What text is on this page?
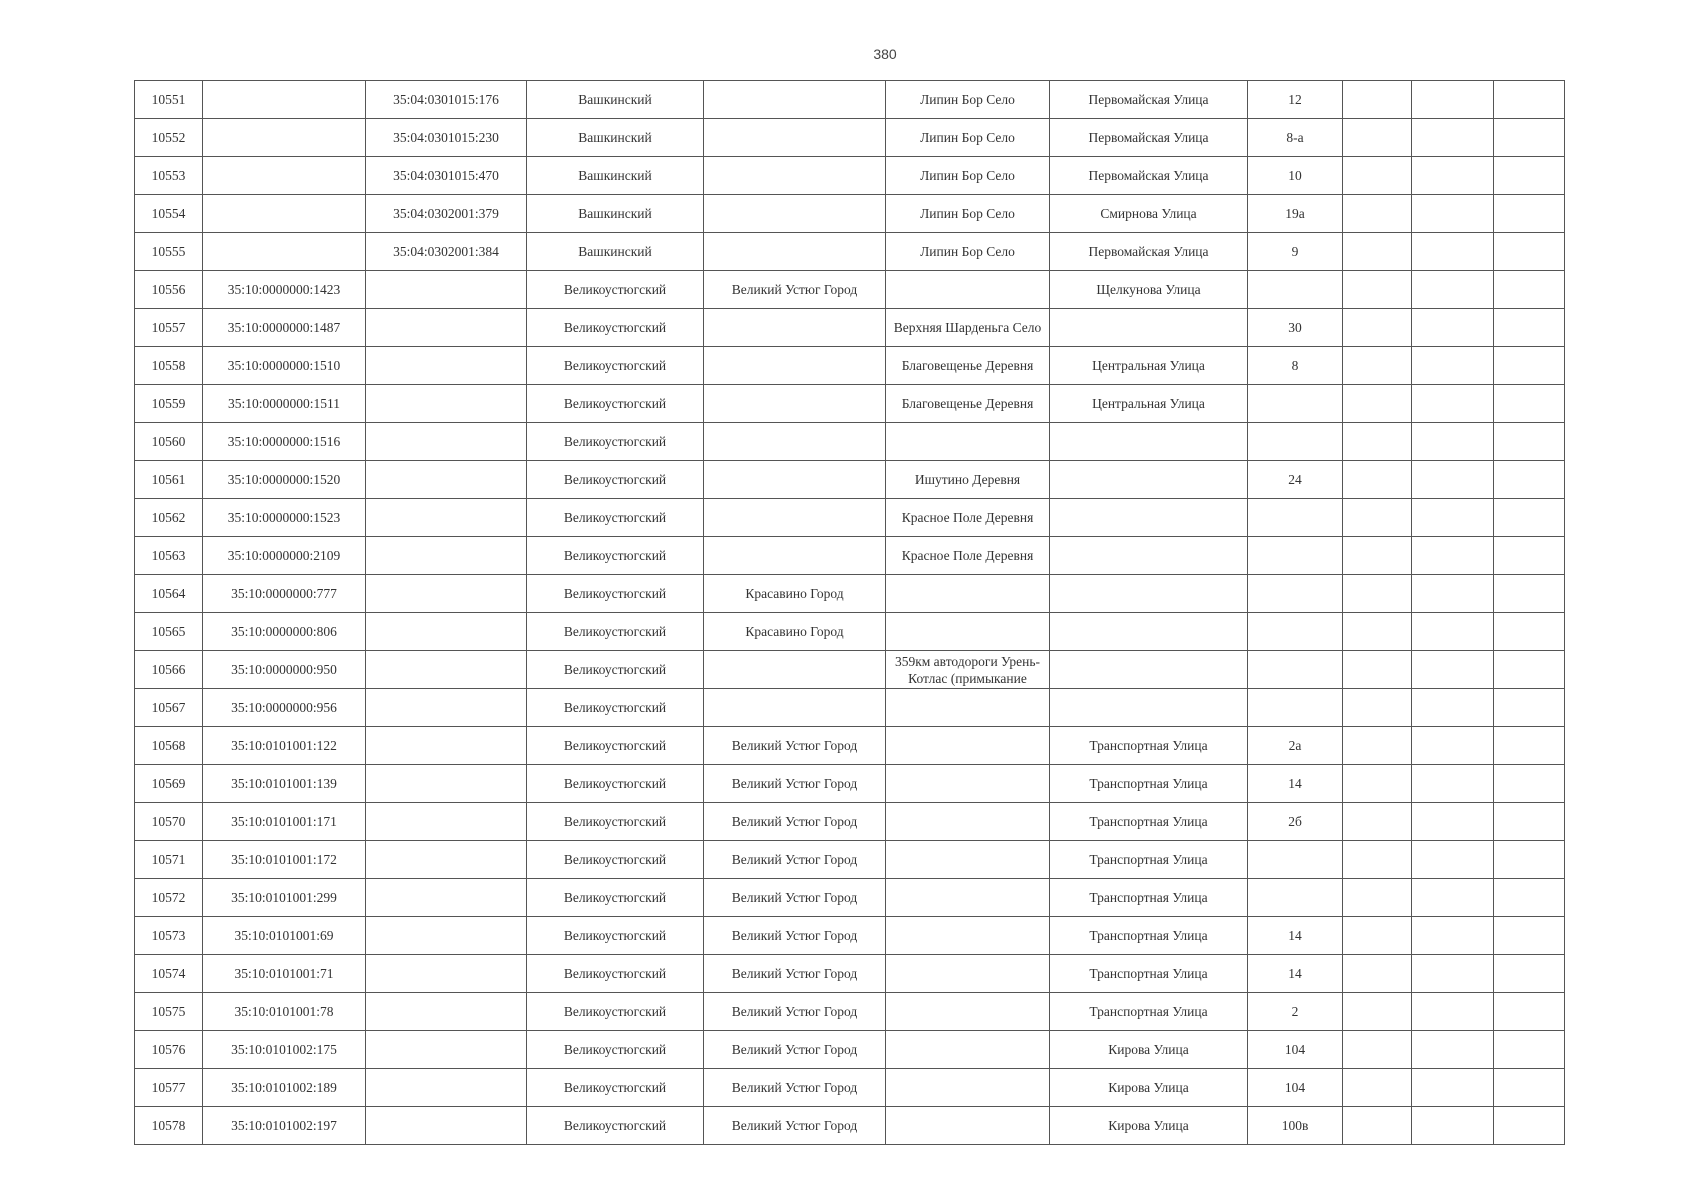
380
10551		35:04:0301015:176	Вашкинский		Липин Бор Село	Первомайская Улица	12			
10552		35:04:0301015:230	Вашкинский		Липин Бор Село	Первомайская Улица	8-а			
10553		35:04:0301015:470	Вашкинский		Липин Бор Село	Первомайская Улица	10			
10554		35:04:0302001:379	Вашкинский		Липин Бор Село	Смирнова Улица	19а			
10555		35:04:0302001:384	Вашкинский		Липин Бор Село	Первомайская Улица	9			
10556	35:10:0000000:1423		Великоустюгский	Великий Устюг Город		Щелкунова Улица				
10557	35:10:0000000:1487		Великоустюгский		Верхняя Шарденьга Село		30			
10558	35:10:0000000:1510		Великоустюгский		Благовещенье Деревня	Центральная Улица	8			
10559	35:10:0000000:1511		Великоустюгский		Благовещенье Деревня	Центральная Улица				
10560	35:10:0000000:1516		Великоустюгский							
10561	35:10:0000000:1520		Великоустюгский		Ишутино Деревня		24			
10562	35:10:0000000:1523		Великоустюгский		Красное Поле Деревня					
10563	35:10:0000000:2109		Великоустюгский		Красное Поле Деревня					
10564	35:10:0000000:777		Великоустюгский	Красавино Город						
10565	35:10:0000000:806		Великоустюгский	Красавино Город						
10566	35:10:0000000:950		Великоустюгский		359км автодороги Урень-Котлас (примыкание					
10567	35:10:0000000:956		Великоустюгский							
10568	35:10:0101001:122		Великоустюгский	Великий Устюг Город		Транспортная Улица	2а			
10569	35:10:0101001:139		Великоустюгский	Великий Устюг Город		Транспортная Улица	14			
10570	35:10:0101001:171		Великоустюгский	Великий Устюг Город		Транспортная Улица	2б			
10571	35:10:0101001:172		Великоустюгский	Великий Устюг Город		Транспортная Улица				
10572	35:10:0101001:299		Великоустюгский	Великий Устюг Город		Транспортная Улица				
10573	35:10:0101001:69		Великоустюгский	Великий Устюг Город		Транспортная Улица	14			
10574	35:10:0101001:71		Великоустюгский	Великий Устюг Город		Транспортная Улица	14			
10575	35:10:0101001:78		Великоустюгский	Великий Устюг Город		Транспортная Улица	2			
10576	35:10:0101002:175		Великоустюгский	Великий Устюг Город		Кирова Улица	104			
10577	35:10:0101002:189		Великоустюгский	Великий Устюг Город		Кирова Улица	104			
10578	35:10:0101002:197		Великоустюгский	Великий Устюг Город		Кирова Улица	100в			
